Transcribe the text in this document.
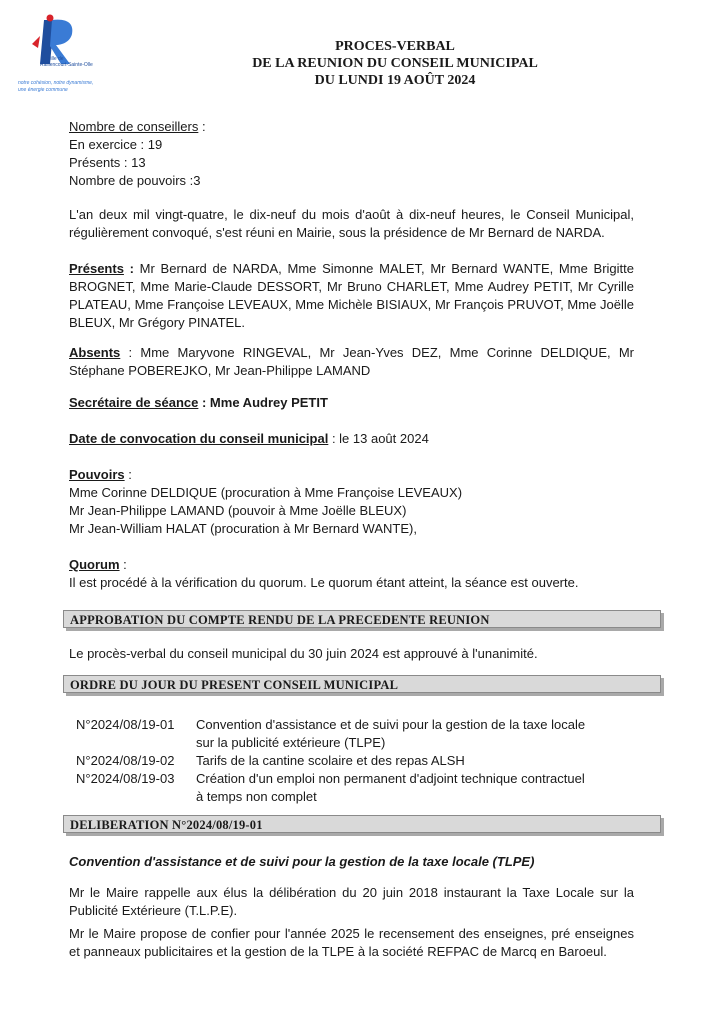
ville de
Raillencourt-Sainte-Olle
notre cohésion, notre dynamisme,
une énergie commune
PROCES-VERBAL
DE LA REUNION DU CONSEIL MUNICIPAL
DU LUNDI 19 AOÛT 2024
Nombre de conseillers :
En exercice : 19
Présents : 13
Nombre de pouvoirs :3
L'an deux mil vingt-quatre, le dix-neuf du mois d'août à dix-neuf heures, le Conseil Municipal, régulièrement convoqué, s'est réuni en Mairie, sous la présidence de Mr Bernard de NARDA.
Présents : Mr Bernard de NARDA, Mme Simonne MALET, Mr Bernard WANTE, Mme Brigitte BROGNET, Mme Marie-Claude DESSORT, Mr Bruno CHARLET, Mme Audrey PETIT, Mr Cyrille PLATEAU, Mme Françoise LEVEAUX, Mme Michèle BISIAUX, Mr François PRUVOT, Mme Joëlle BLEUX, Mr Grégory PINATEL.
Absents : Mme Maryvone RINGEVAL, Mr Jean-Yves DEZ, Mme Corinne DELDIQUE, Mr Stéphane POBEREJKO, Mr Jean-Philippe LAMAND
Secrétaire de séance : Mme Audrey PETIT
Date de convocation du conseil municipal : le 13 août 2024
Pouvoirs :
Mme Corinne DELDIQUE (procuration à Mme Françoise LEVEAUX)
Mr Jean-Philippe LAMAND (pouvoir à Mme Joëlle BLEUX)
Mr Jean-William HALAT (procuration à Mr Bernard WANTE),
Quorum :
Il est procédé à la vérification du quorum. Le quorum étant atteint, la séance est ouverte.
APPROBATION DU COMPTE RENDU DE LA PRECEDENTE REUNION
Le procès-verbal du conseil municipal du 30 juin 2024 est approuvé à l'unanimité.
ORDRE DU JOUR DU PRESENT CONSEIL MUNICIPAL
N°2024/08/19-01	Convention d'assistance et de suivi pour la gestion de la taxe locale
sur la publicité extérieure (TLPE)
N°2024/08/19-02	Tarifs de la cantine scolaire et des repas ALSH
N°2024/08/19-03	Création d'un emploi non permanent d'adjoint technique contractuel
à temps non complet
DELIBERATION N°2024/08/19-01
Convention d'assistance et de suivi pour la gestion de la taxe locale (TLPE)
Mr le Maire rappelle aux élus la délibération du 20 juin 2018 instaurant la Taxe Locale sur la Publicité Extérieure (T.L.P.E).
Mr le Maire propose de confier pour l'année 2025 le recensement des enseignes, pré enseignes et panneaux publicitaires et la gestion de la TLPE à la société REFPAC de Marcq en Baroeul.
